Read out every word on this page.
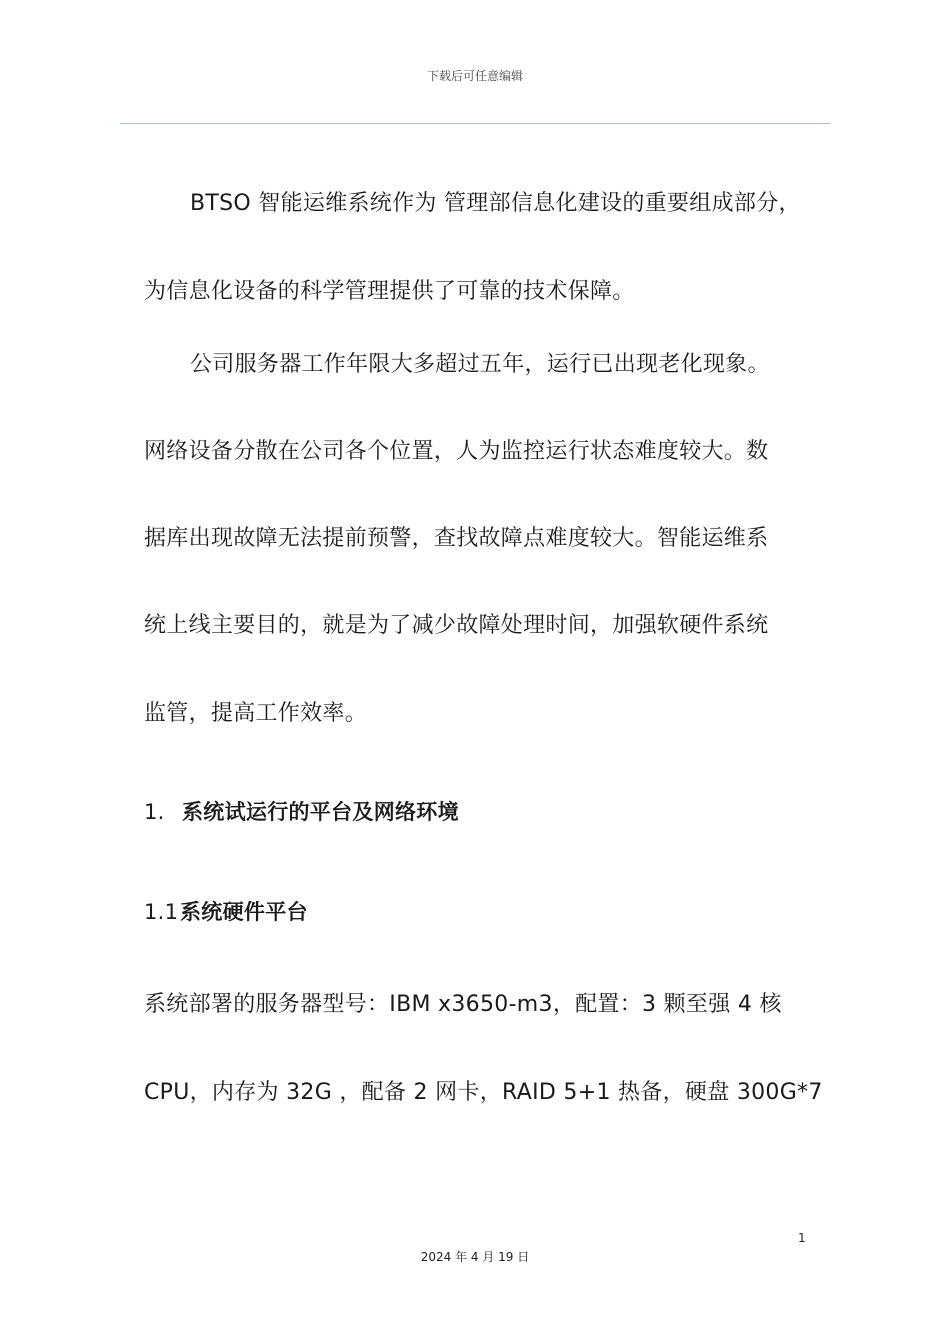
下载后可任意编辑
BTSO 智能运维系统作为 管理部信息化建设的重要组成部分，
为信息化设备的科学管理提供了可靠的技术保障。
公司服务器工作年限大多超过五年，运行已出现老化现象。
网络设备分散在公司各个位置，人为监控运行状态难度较大。数
据库出现故障无法提前预警，查找故障点难度较大。智能运维系
统上线主要目的，就是为了减少故障处理时间，加强软硬件系统
监管，提高工作效率。
1. 系统试运行的平台及网络环境
1.1系统硬件平台
系统部署的服务器型号：IBM x3650-m3，配置：3 颗至强 4 核
CPU，内存为 32G ，配备 2 网卡，RAID 5+1 热备，硬盘 300G*7
1
2024 年 4 月 19 日
